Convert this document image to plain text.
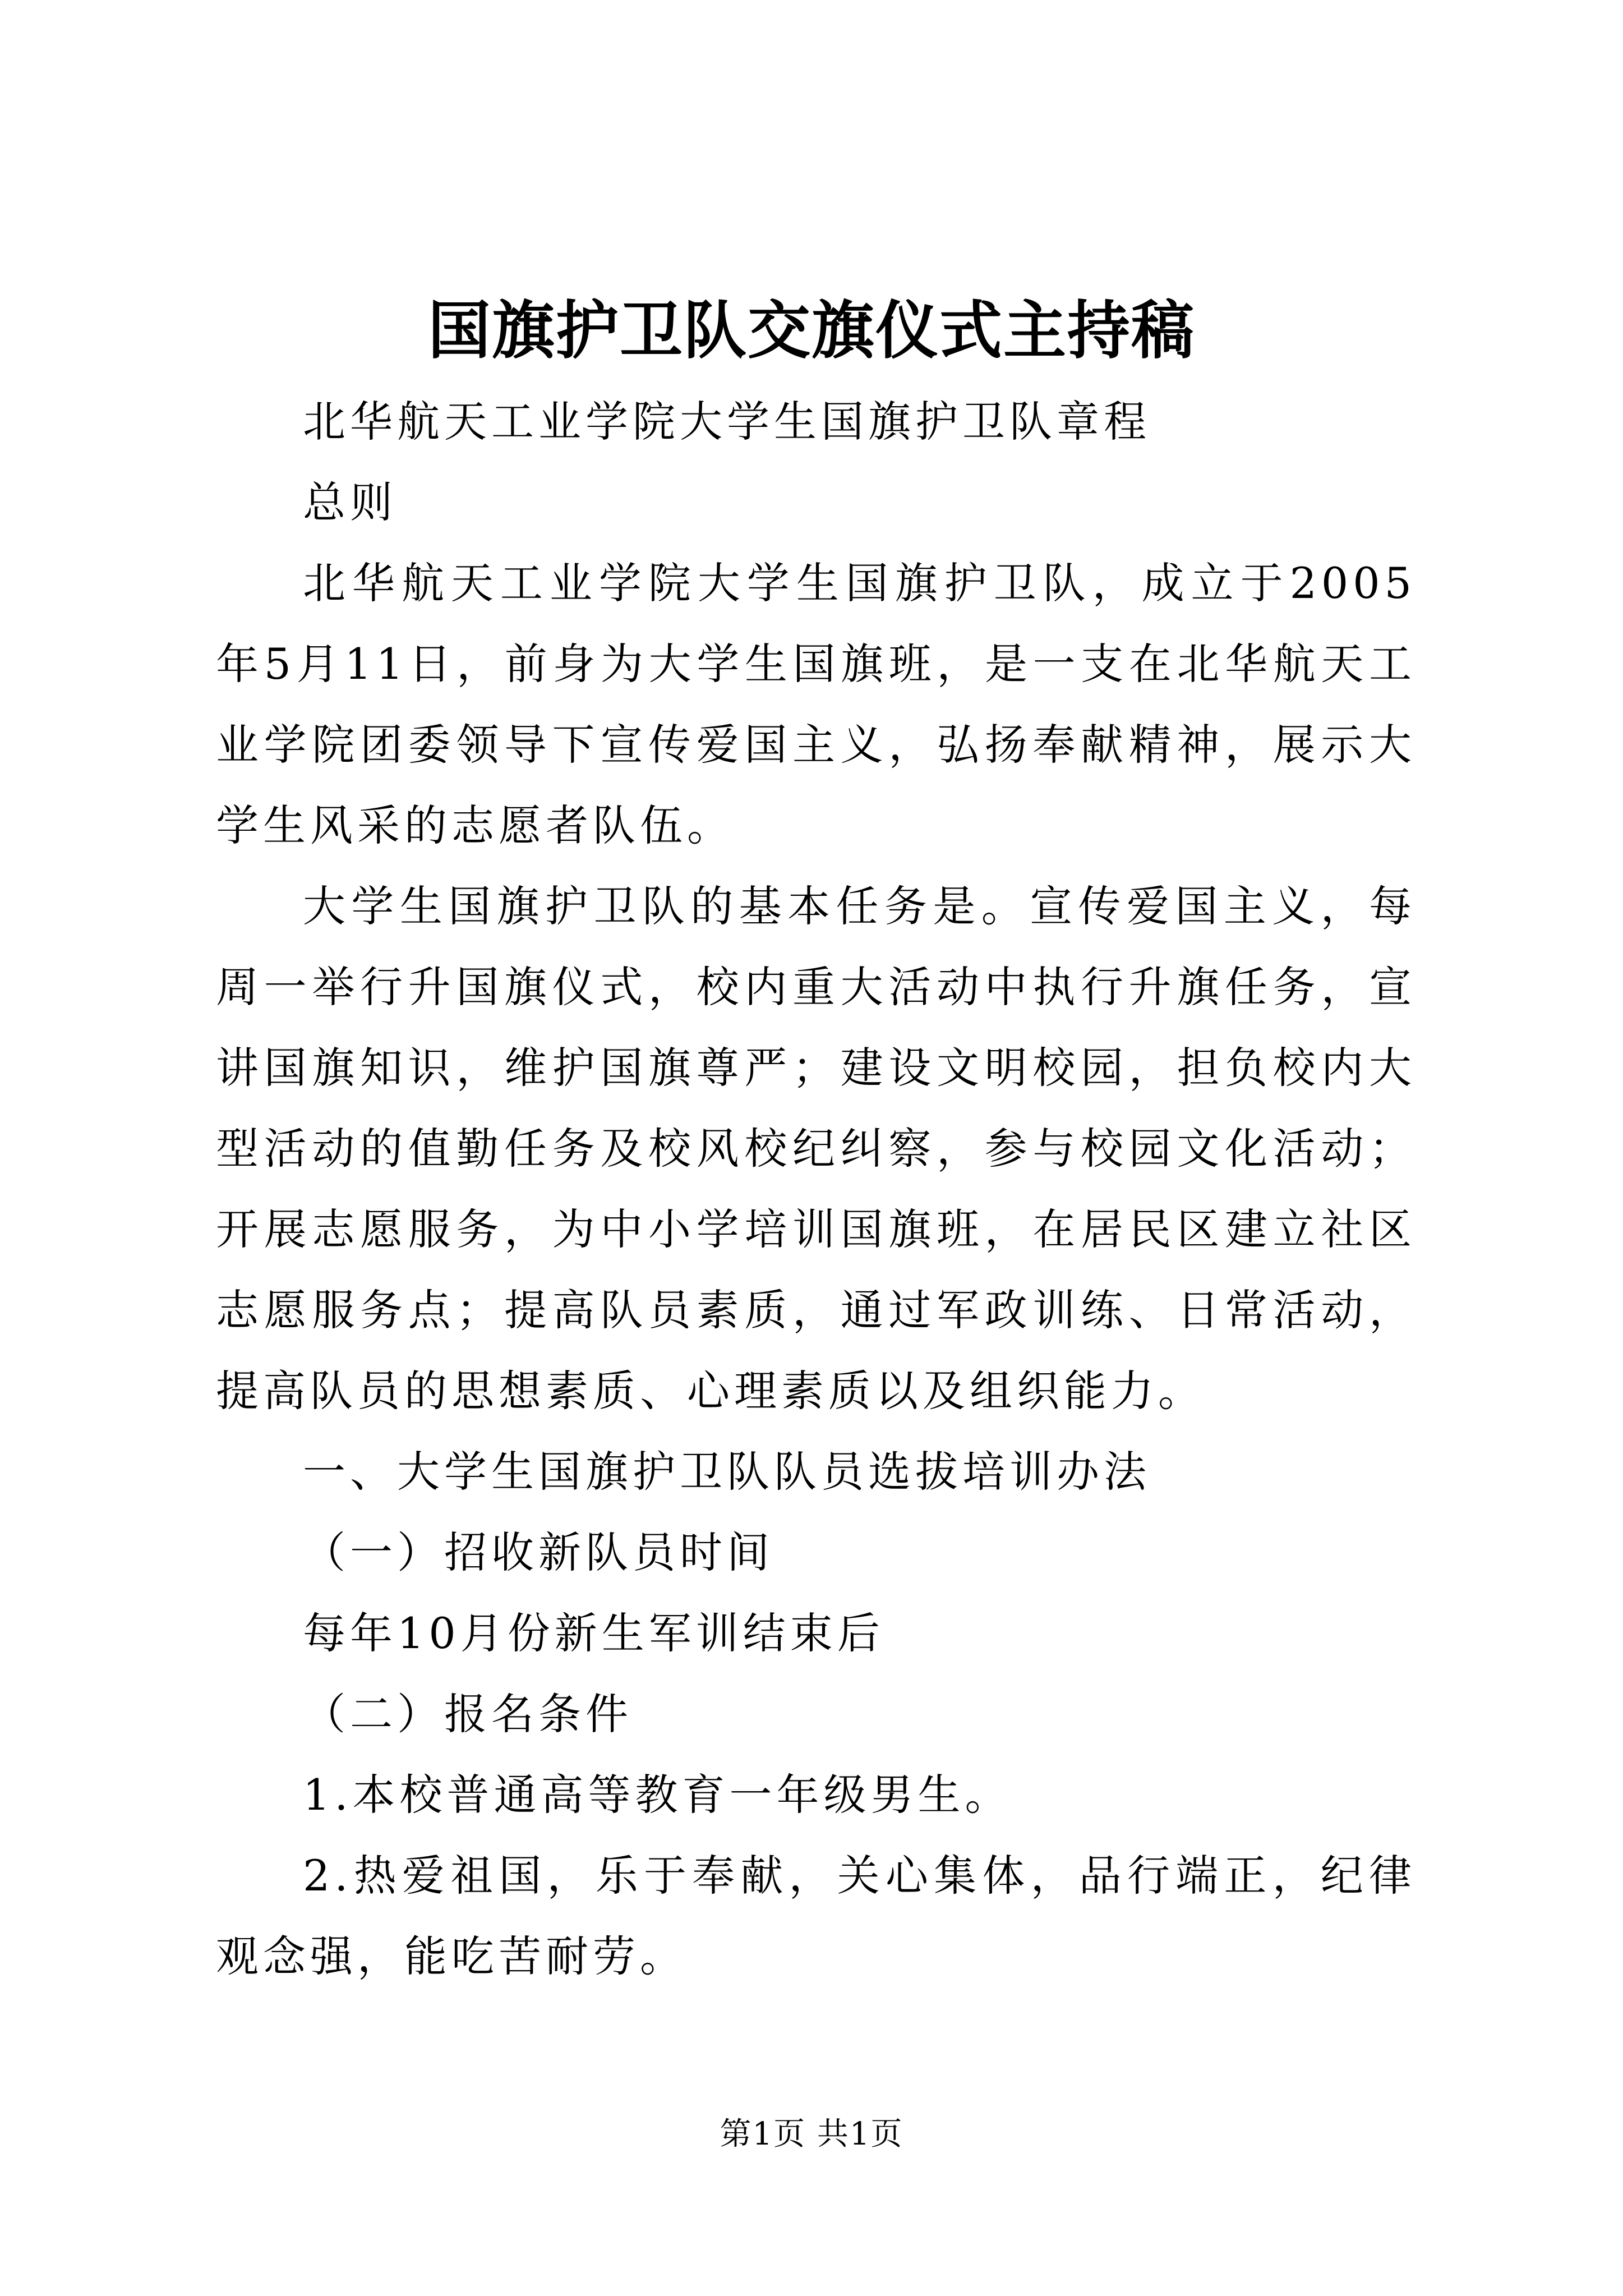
国旗护卫队交旗仪式主持稿

北华航天工业学院大学生国旗护卫队章程

总则

北华航天工业学院大学生国旗护卫队，成立于2005年5月11日，前身为大学生国旗班，是一支在北华航天工业学院团委领导下宣传爱国主义，弘扬奉献精神，展示大学生风采的志愿者队伍。

大学生国旗护卫队的基本任务是。宣传爱国主义，每周一举行升国旗仪式，校内重大活动中执行升旗任务，宣讲国旗知识，维护国旗尊严；建设文明校园，担负校内大型活动的值勤任务及校风校纪纠察，参与校园文化活动；开展志愿服务，为中小学培训国旗班，在居民区建立社区志愿服务点；提高队员素质，通过军政训练、日常活动，提高队员的思想素质、心理素质以及组织能力。

一、大学生国旗护卫队队员选拔培训办法

（一）招收新队员时间

每年10月份新生军训结束后

（二）报名条件

1.本校普通高等教育一年级男生。

2.热爱祖国，乐于奉献，关心集体，品行端正，纪律观念强，能吃苦耐劳。

第1页 共1页
